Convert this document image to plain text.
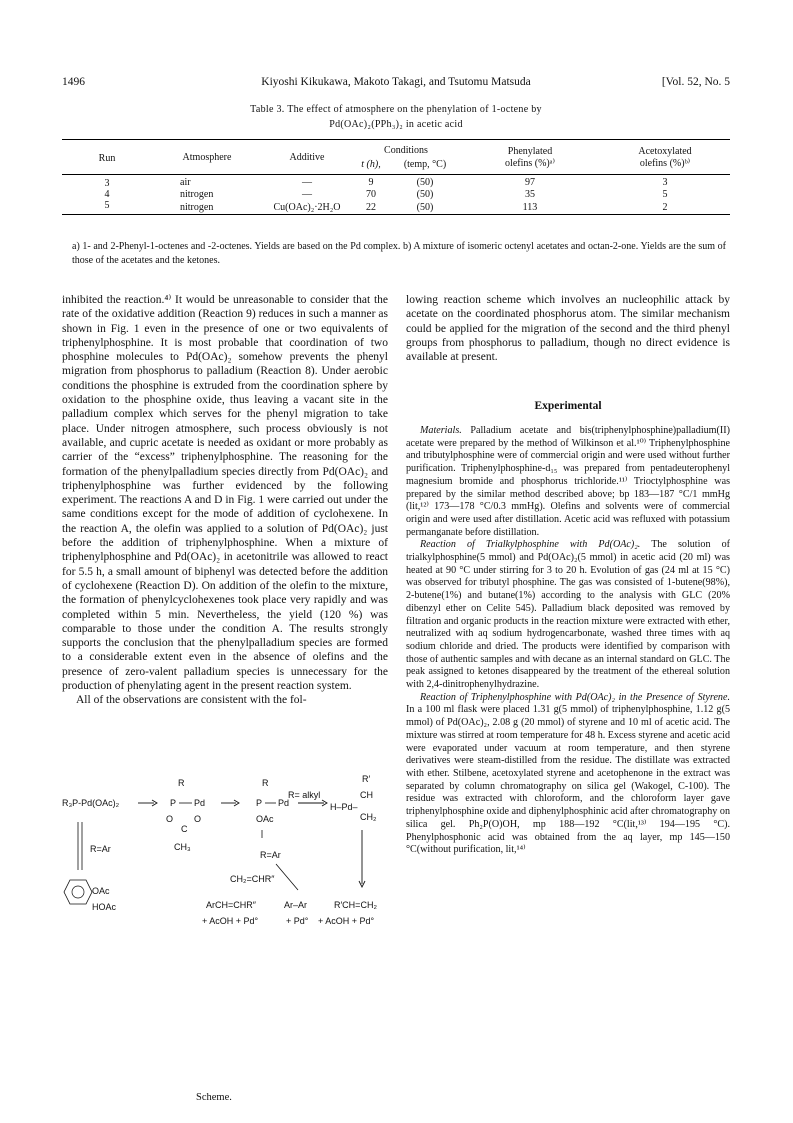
1496	Kiyoshi Kikukawa, Makoto Takagi, and Tsutomu Matsuda	[Vol. 52, No. 5
Table 3. The effect of atmosphere on the phenylation of 1-octene by
Pd(OAc)₂(PPh₃)₂ in acetic acid
Run	Atmosphere	Additive	Conditions		Phenylated	Acetoxylated
			t (h),	(temp, °C)	olefins (%)ᵃ⁾	olefins (%)ᵇ⁾
3	air	—	9	(50)	97	3
4	nitrogen	—	70	(50)	35	5
5	nitrogen	Cu(OAc)₂·2H₂O	22	(50)	113	2
a) 1- and 2-Phenyl-1-octenes and -2-octenes. Yields are based on the Pd complex. b) A mixture of isomeric octenyl acetates and octan-2-one. Yields are the sum of those of the acetates and the ketones.

inhibited the reaction.⁴⁾ It would be unreasonable to consider that the rate of the oxidative addition (Reaction 9) reduces in such a manner as shown in Fig. 1 even in the presence of one or two equivalents of triphenylphosphine. It is most probable that coordination of two phosphine molecules to Pd(OAc)₂ somehow prevents the phenyl migration from phosphorus to palladium (Reaction 8). Under aerobic conditions the phosphine is extruded from the coordination sphere by oxidation to the phosphine oxide, thus leaving a vacant site in the palladium complex which serves for the phenyl migration to take place. Under nitrogen atmosphere, such process obviously is not available, and cupric acetate is needed as oxidant or more probably as carrier of the “excess” triphenylphosphine. The reasoning for the formation of the phenylpalladium species directly from Pd(OAc)₂ and triphenylphosphine was further evidenced by the following experiment. The reactions A and D in Fig. 1 were carried out under the same conditions except for the mode of addition of cyclohexene. In the reaction A, the olefin was applied to a solution of Pd(OAc)₂ just before the addition of triphenylphosphine. When a mixture of triphenylphosphine and Pd(OAc)₂ in acetonitrile was allowed to react for 5.5 h, a small amount of biphenyl was detected before the addition of cyclohexene (Reaction D). On addition of the olefin to the mixture, the formation of phenylcyclohexenes took place very rapidly and was completed within 5 min. Nevertheless, the yield (120 %) was comparable to those under the condition A. The results strongly supports the conclusion that the phenylpalladium species are formed to a considerable extent even in the absence of olefins and the presence of zero-valent palladium species is unnecessary for the production of phenylating agent in the present reaction system.

All of the observations are consistent with the fol-

R₃P-Pd(OAc)₂
R
P Pd
O O
C
CH₃
R
P Pd
OAc
R= alkyl
R′
CH
H–Pd–
CH₂
R=Ar
OAc
HOAc
R=Ar
CH₂=CHR″
ArCH=CHR″	Ar–Ar	R′CH=CH₂
+ AcOH + Pd°	+ Pd° + AcOH + Pd°
Scheme.

lowing reaction scheme which involves an nucleophilic attack by acetate on the coordinated phosphorus atom. The similar mechanism could be applied for the migration of the second and the third phenyl groups from phosphorus to palladium, though no direct evidence is available at present.

Experimental

Materials. Palladium acetate and bis(triphenylphosphine)palladium(II) acetate were prepared by the method of Wilkinson et al.¹⁰⁾ Triphenylphosphine and tributylphosphine were of commercial origin and were used without further purification. Triphenylphosphine-d₁₅ was prepared from pentadeuterophenyl magnesium bromide and phosphorus trichloride.¹¹⁾ Trioctylphosphine was prepared by the similar method described above; bp 183—187 °C/1 mmHg (lit,¹²⁾ 173—178 °C/0.3 mmHg). Olefins and solvents were of commercial origin and were used after distillation. Acetic acid was refluxed with potassium permanganate before distillation.

Reaction of Trialkylphosphine with Pd(OAc)₂. The solution of trialkylphosphine(5 mmol) and Pd(OAc)₂(5 mmol) in acetic acid (20 ml) was heated at 90 °C under stirring for 3 to 20 h. Evolution of gas (24 ml at 15 °C) was observed for tributyl phosphine. The gas was consisted of 1-butene(98%), 2-butene(1%) and butane(1%) according to the analysis with GLC (20% dibenzyl ether on Celite 545). Palladium black deposited was removed by filtration and organic products in the reaction mixture were extracted with ether, neutralized with aq sodium hydrogencarbonate, washed three times with aq sodium chloride and dried. The products were identified by comparison with those of authentic samples and with decane as an internal standard on GLC. The peak assigned to ketones disappeared by the treatment of the ethereal solution with 2,4-dinitrophenylhydrazine.

Reaction of Triphenylphosphine with Pd(OAc)₂ in the Presence of Styrene. In a 100 ml flask were placed 1.31 g(5 mmol) of triphenylphosphine, 1.12 g(5 mmol) of Pd(OAc)₂, 2.08 g (20 mmol) of styrene and 10 ml of acetic acid. The mixture was stirred at room temperature for 48 h. Excess styrene and acetic acid were evaporated under vacuum at room temperature, and then styrene derivatives were steam-distilled from the residue. The distillate was extracted with ether. Stilbene, acetoxylated styrene and acetophenone in the extract was separated by column chromatography on silica gel (Wakogel, C-100). The residue was extracted with chloroform, and the chloroform layer gave triphenylphosphine oxide and diphenylphosphinic acid after chromatography on silica gel. Ph₂P(O)OH, mp 188—192 °C(lit,¹³⁾ 194—195 °C). Phenylphosphonic acid was obtained from the aq layer, mp 145—150 °C(without purification, lit,¹⁴⁾
